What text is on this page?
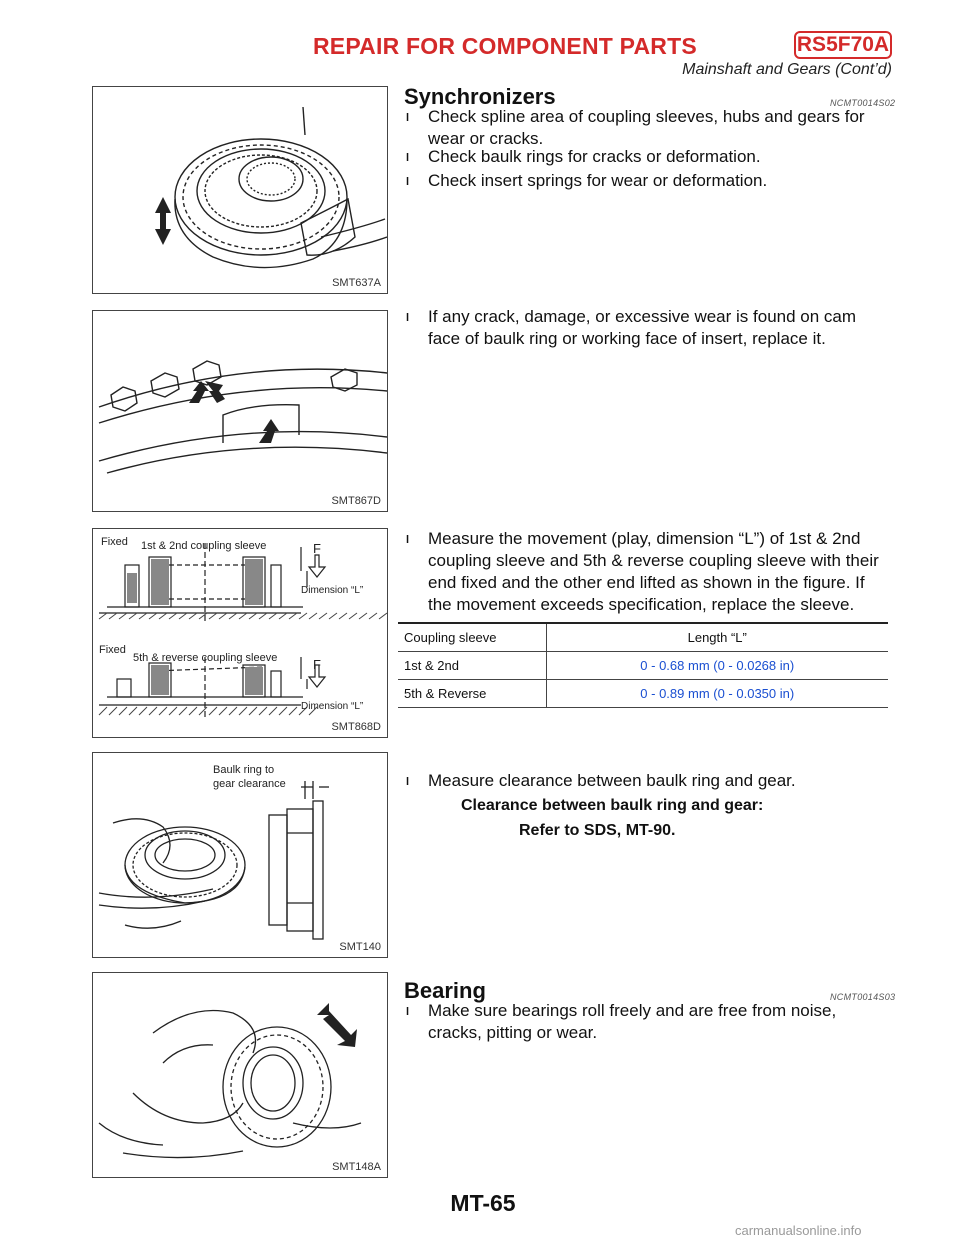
REPAIR FOR COMPONENT PARTS	RS5F70A
Mainshaft and Gears (Cont’d)
SMT637A
SMT867D
Fixed 1st & 2nd coupling sleeve	F
Dimension “L”
Fixed
5th & reverse coupling sleeve	F
Dimension “L”
SMT868D
Baulk ring to
gear clearance
SMT140
SMT148A
Synchronizers	NCMT0014S02
l	Check spline area of coupling sleeves, hubs and gears for wear or cracks.
l	Check baulk rings for cracks or deformation.
l	Check insert springs for wear or deformation.
l	If any crack, damage, or excessive wear is found on cam face of baulk ring or working face of insert, replace it.
l	Measure the movement (play, dimension “L”) of 1st & 2nd coupling sleeve and 5th & reverse coupling sleeve with their end fixed and the other end lifted as shown in the figure. If the movement exceeds specification, replace the sleeve.
Coupling sleeve	Length “L”
1st & 2nd	0 - 0.68 mm (0 - 0.0268 in)
5th & Reverse	0 - 0.89 mm (0 - 0.0350 in)
l	Measure clearance between baulk ring and gear.
Clearance between baulk ring and gear:
Refer to SDS, MT-90.
Bearing	NCMT0014S03
l	Make sure bearings roll freely and are free from noise, cracks, pitting or wear.
MT-65
carmanualsonline.info
